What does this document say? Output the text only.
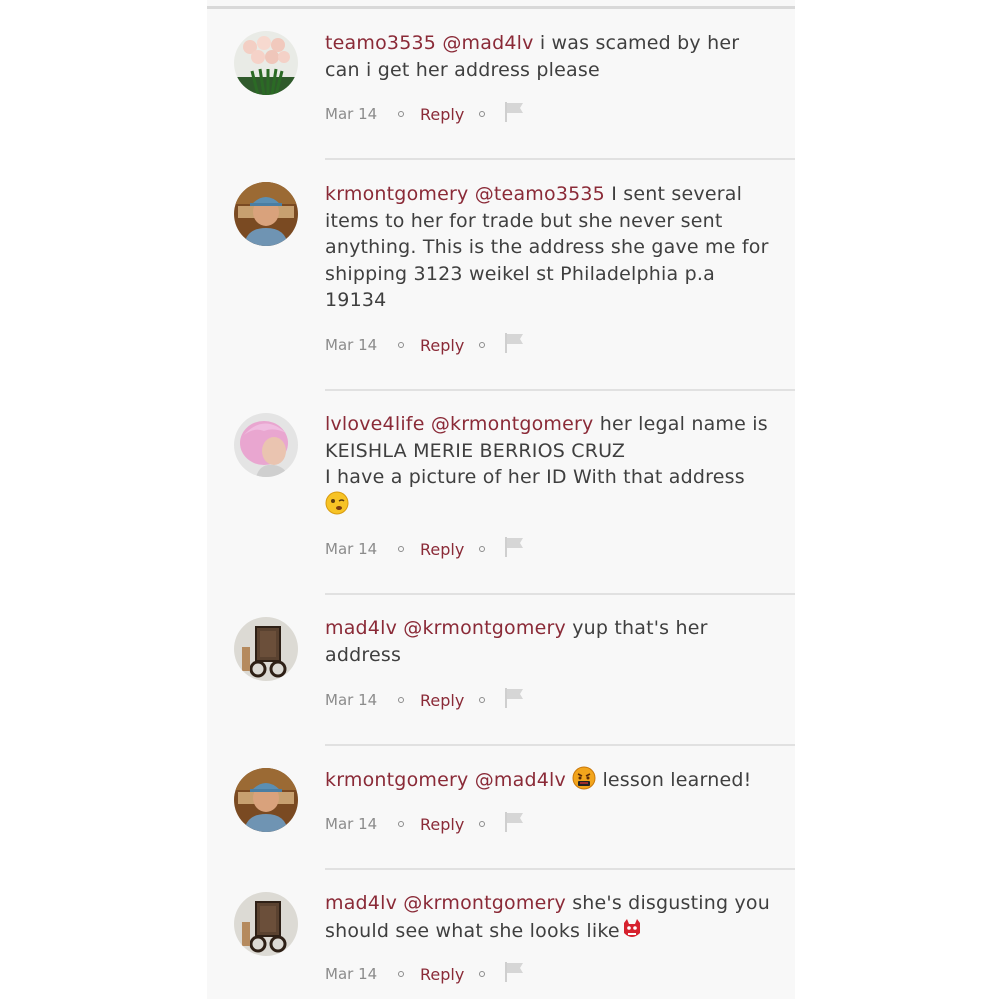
teamo3535 @mad4lv i was scamed by her can i get her address please
Mar 14	Reply
krmontgomery @teamo3535 I sent several items to her for trade but she never sent anything. This is the address she gave me for shipping 3123 weikel st Philadelphia p.a 19134
Mar 14	Reply
lvlove4life @krmontgomery her legal name is KEISHLA MERIE BERRIOS CRUZ
I have a picture of her ID With that address

Mar 14	Reply
mad4lv @krmontgomery yup that's her address
Mar 14	Reply
krmontgomery @mad4lv lesson learned!
Mar 14	Reply
mad4lv @krmontgomery she's disgusting you should see what she looks like
Mar 14	Reply
